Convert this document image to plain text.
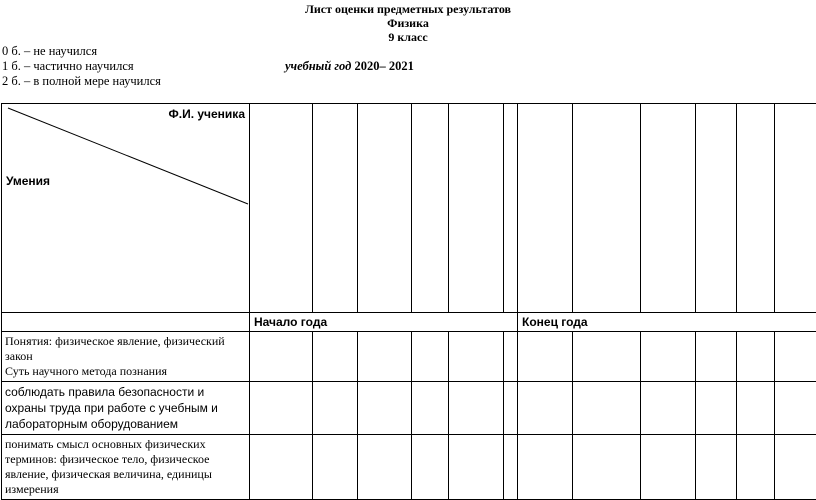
Лист оценки предметных результатов
Физика
9 класс
0 б. – не научился
1 б. – частично научился
2 б. – в полной мере научился
учебный год 2020– 2021
Ф.И. ученика
Умения												

	Начало года						Конец года					

Понятия: физическое явление, физический закон
Суть научного метода познания												

соблюдать правила безопасности и охраны труда при работе с учебным и лабораторным оборудованием												

понимать смысл основных физических терминов: физическое тело, физическое явление, физическая величина, единицы измерения												
